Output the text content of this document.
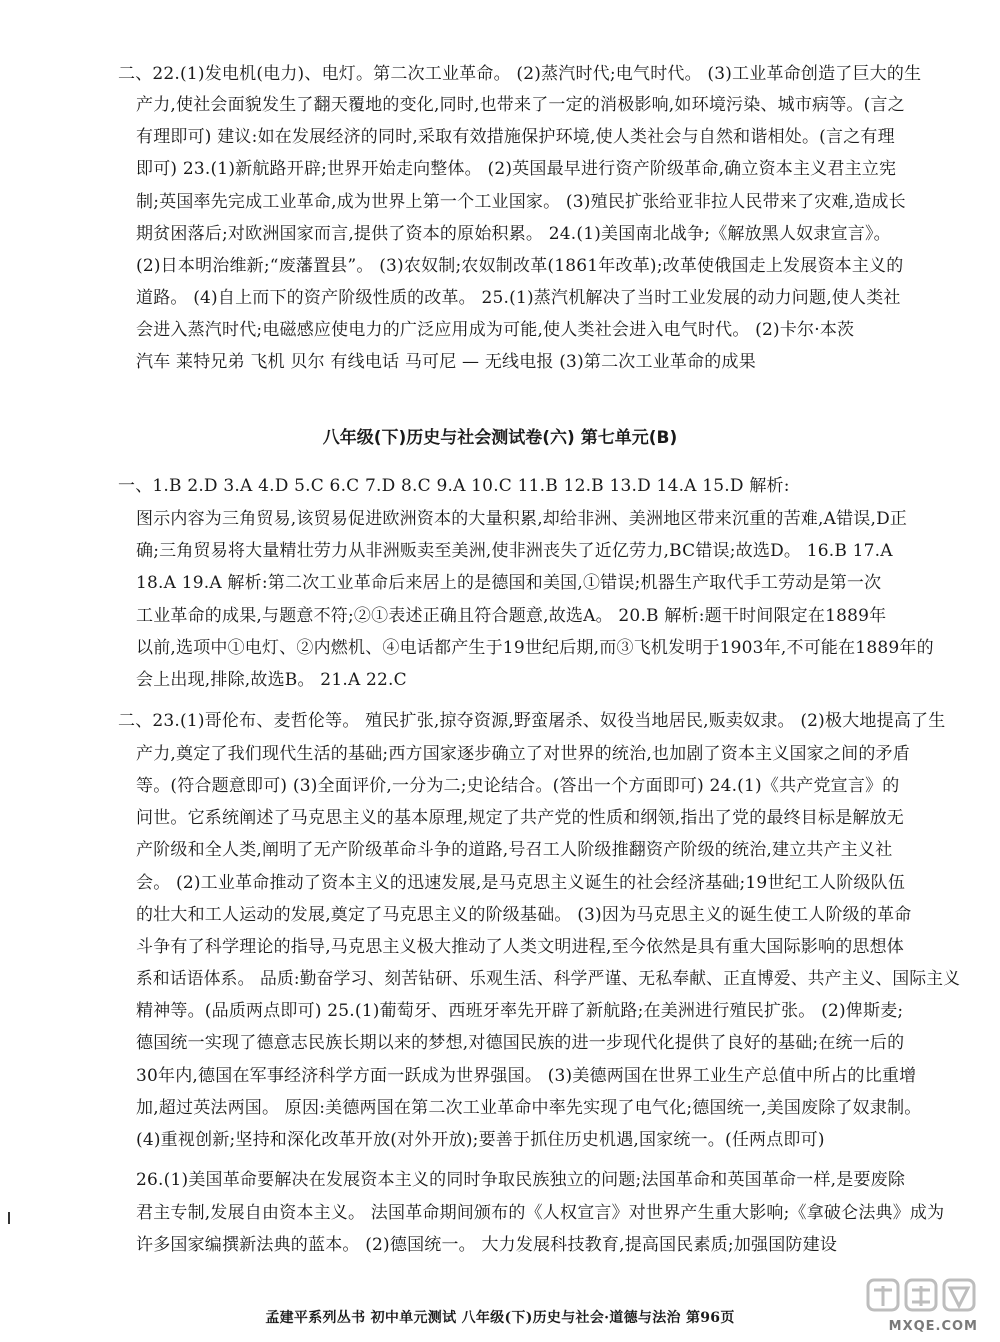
二、22.(1)发电机(电力)、电灯。第二次工业革命。 (2)蒸汽时代;电气时代。 (3)工业革命创造了巨大的生
产力,使社会面貌发生了翻天覆地的变化,同时,也带来了一定的消极影响,如环境污染、城市病等。(言之
有理即可) 建议:如在发展经济的同时,采取有效措施保护环境,使人类社会与自然和谐相处。(言之有理
即可) 23.(1)新航路开辟;世界开始走向整体。 (2)英国最早进行资产阶级革命,确立资本主义君主立宪
制;英国率先完成工业革命,成为世界上第一个工业国家。 (3)殖民扩张给亚非拉人民带来了灾难,造成长
期贫困落后;对欧洲国家而言,提供了资本的原始积累。 24.(1)美国南北战争;《解放黑人奴隶宣言》。
(2)日本明治维新;“废藩置县”。 (3)农奴制;农奴制改革(1861年改革);改革使俄国走上发展资本主义的
道路。 (4)自上而下的资产阶级性质的改革。 25.(1)蒸汽机解决了当时工业发展的动力问题,使人类社
会进入蒸汽时代;电磁感应使电力的广泛应用成为可能,使人类社会进入电气时代。 (2)卡尔·本茨
汽车 莱特兄弟 飞机 贝尔 有线电话 马可尼 — 无线电报 (3)第二次工业革命的成果
八年级(下)历史与社会测试卷(六) 第七单元(B)
一、1.B 2.D 3.A 4.D 5.C 6.C 7.D 8.C 9.A 10.C 11.B 12.B 13.D 14.A 15.D 解析:
图示内容为三角贸易,该贸易促进欧洲资本的大量积累,却给非洲、美洲地区带来沉重的苦难,A错误,D正
确;三角贸易将大量精壮劳力从非洲贩卖至美洲,使非洲丧失了近亿劳力,BC错误;故选D。 16.B 17.A
18.A 19.A 解析:第二次工业革命后来居上的是德国和美国,①错误;机器生产取代手工劳动是第一次
工业革命的成果,与题意不符;②①表述正确且符合题意,故选A。 20.B 解析:题干时间限定在1889年
以前,选项中①电灯、②内燃机、④电话都产生于19世纪后期,而③飞机发明于1903年,不可能在1889年的
会上出现,排除,故选B。 21.A 22.C
二、23.(1)哥伦布、麦哲伦等。 殖民扩张,掠夺资源,野蛮屠杀、奴役当地居民,贩卖奴隶。 (2)极大地提高了生
产力,奠定了我们现代生活的基础;西方国家逐步确立了对世界的统治,也加剧了资本主义国家之间的矛盾
等。(符合题意即可) (3)全面评价,一分为二;史论结合。(答出一个方面即可) 24.(1)《共产党宣言》的
问世。它系统阐述了马克思主义的基本原理,规定了共产党的性质和纲领,指出了党的最终目标是解放无
产阶级和全人类,阐明了无产阶级革命斗争的道路,号召工人阶级推翻资产阶级的统治,建立共产主义社
会。 (2)工业革命推动了资本主义的迅速发展,是马克思主义诞生的社会经济基础;19世纪工人阶级队伍
的壮大和工人运动的发展,奠定了马克思主义的阶级基础。 (3)因为马克思主义的诞生使工人阶级的革命
斗争有了科学理论的指导,马克思主义极大推动了人类文明进程,至今依然是具有重大国际影响的思想体
系和话语体系。 品质:勤奋学习、刻苦钻研、乐观生活、科学严谨、无私奉献、正直博爱、共产主义、国际主义
精神等。(品质两点即可) 25.(1)葡萄牙、西班牙率先开辟了新航路;在美洲进行殖民扩张。 (2)俾斯麦;
德国统一实现了德意志民族长期以来的梦想,对德国民族的进一步现代化提供了良好的基础;在统一后的
30年内,德国在军事经济科学方面一跃成为世界强国。 (3)美德两国在世界工业生产总值中所占的比重增
加,超过英法两国。 原因:美德两国在第二次工业革命中率先实现了电气化;德国统一,美国废除了奴隶制。
(4)重视创新;坚持和深化改革开放(对外开放);要善于抓住历史机遇,国家统一。(任两点即可)
26.(1)美国革命要解决在发展资本主义的同时争取民族独立的问题;法国革命和英国革命一样,是要废除
君主专制,发展自由资本主义。 法国革命期间颁布的《人权宣言》对世界产生重大影响;《拿破仑法典》成为
许多国家编撰新法典的蓝本。 (2)德国统一。 大力发展科技教育,提高国民素质;加强国防建设
孟建平系列丛书 初中单元测试 八年级(下)历史与社会·道德与法治 第96页
MXQE.COM
